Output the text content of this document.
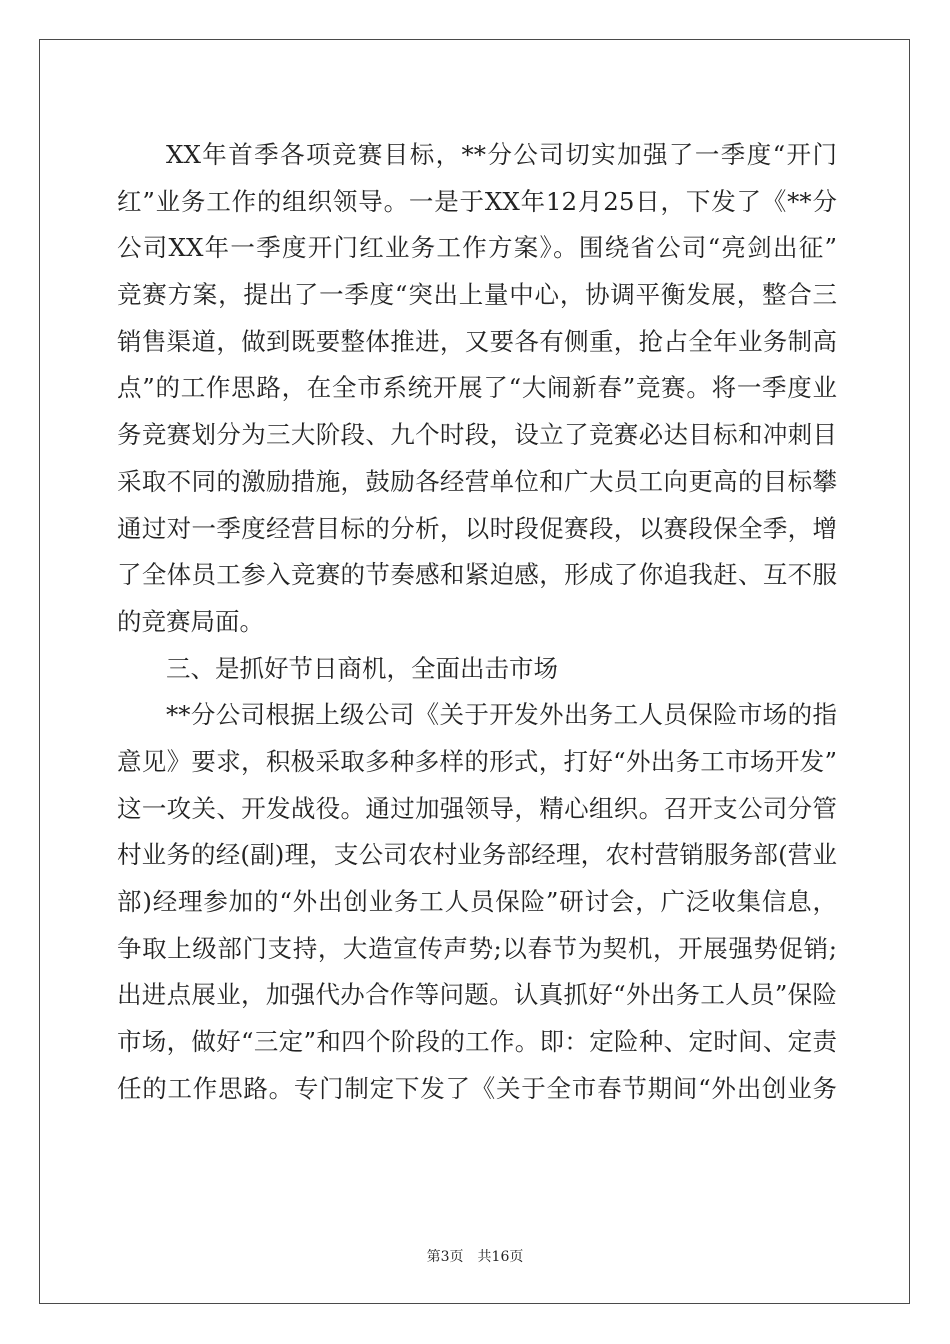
XX年首季各项竞赛目标，**分公司切实加强了一季度“开门
红”业务工作的组织领导。一是于XX年12月25日，下发了《**分
公司XX年一季度开门红业务工作方案》。围绕省公司“亮剑出征”
竞赛方案，提出了一季度“突出上量中心，协调平衡发展，整合三
销售渠道，做到既要整体推进，又要各有侧重，抢占全年业务制高
点”的工作思路，在全市系统开展了“大闹新春”竞赛。将一季度业
务竞赛划分为三大阶段、九个时段，设立了竞赛必达目标和冲刺目
采取不同的激励措施，鼓励各经营单位和广大员工向更高的目标攀
通过对一季度经营目标的分析，以时段促赛段，以赛段保全季，增
了全体员工参入竞赛的节奏感和紧迫感，形成了你追我赶、互不服
的竞赛局面。
三、是抓好节日商机，全面出击市场
**分公司根据上级公司《关于开发外出务工人员保险市场的指
意见》要求，积极采取多种多样的形式，打好“外出务工市场开发”
这一攻关、开发战役。通过加强领导，精心组织。召开支公司分管
村业务的经(副)理，支公司农村业务部经理，农村营销服务部(营业
部)经理参加的“外出创业务工人员保险”研讨会，广泛收集信息，
争取上级部门支持，大造宣传声势;以春节为契机，开展强势促销;
出进点展业，加强代办合作等问题。认真抓好“外出务工人员”保险
市场，做好“三定”和四个阶段的工作。即：定险种、定时间、定责
任的工作思路。专门制定下发了《关于全市春节期间“外出创业务
第3页 共16页
